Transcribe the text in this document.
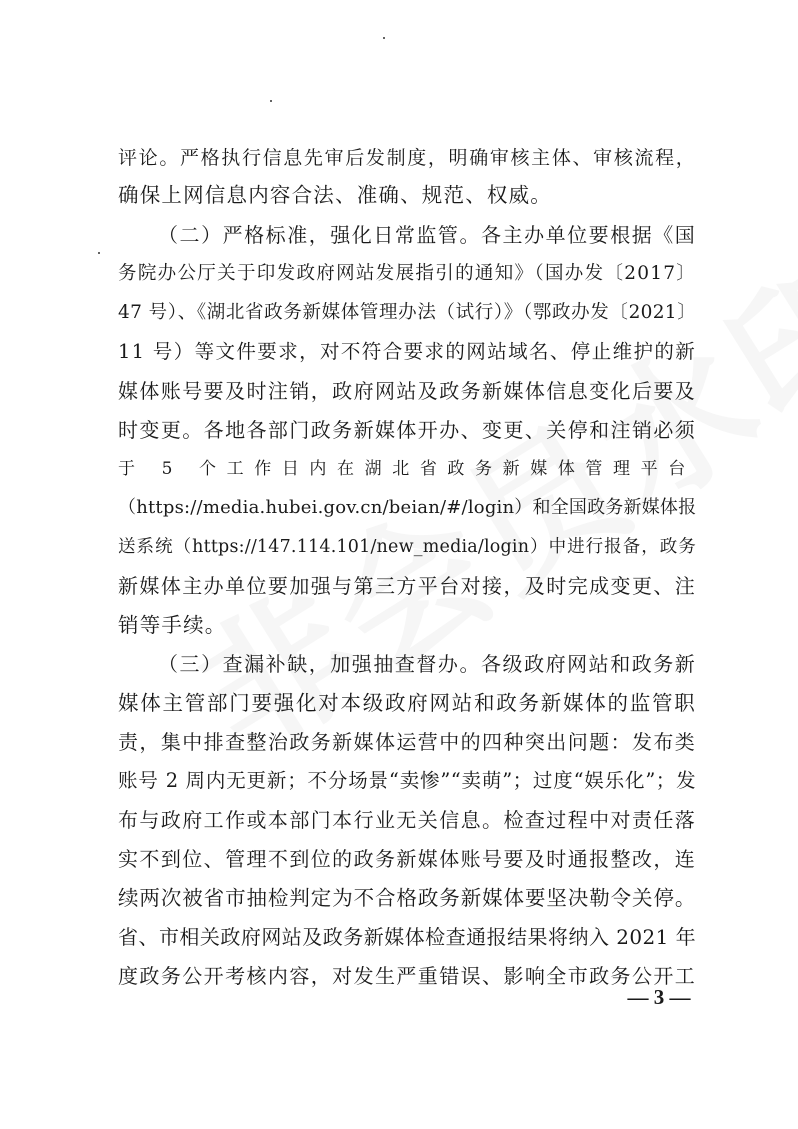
评论。严格执行信息先审后发制度，明确审核主体、审核流程，
确保上网信息内容合法、准确、规范、权威。
（二）严格标准，强化日常监管。各主办单位要根据《国
务院办公厅关于印发政府网站发展指引的通知》（国办发〔2017〕
47 号）、《湖北省政务新媒体管理办法（试行）》（鄂政办发〔2021〕
11 号）等文件要求，对不符合要求的网站域名、停止维护的新
媒体账号要及时注销，政府网站及政务新媒体信息变化后要及
时变更。各地各部门政务新媒体开办、变更、关停和注销必须
于 5 个工作日内在湖北省政务新媒体管理平台
（https://media.hubei.gov.cn/beian/#/login）和全国政务新媒体报
送系统（https://147.114.101/new_media/login）中进行报备，政务
新媒体主办单位要加强与第三方平台对接，及时完成变更、注
销等手续。
（三）查漏补缺，加强抽查督办。各级政府网站和政务新
媒体主管部门要强化对本级政府网站和政务新媒体的监管职
责，集中排查整治政务新媒体运营中的四种突出问题：发布类
账号 2 周内无更新；不分场景“卖惨”“卖萌”；过度“娱乐化”；发
布与政府工作或本部门本行业无关信息。检查过程中对责任落
实不到位、管理不到位的政务新媒体账号要及时通报整改，连
续两次被省市抽检判定为不合格政务新媒体要坚决勒令关停。
省、市相关政府网站及政务新媒体检查通报结果将纳入 2021 年
度政务公开考核内容，对发生严重错误、影响全市政务公开工
— 3 —
